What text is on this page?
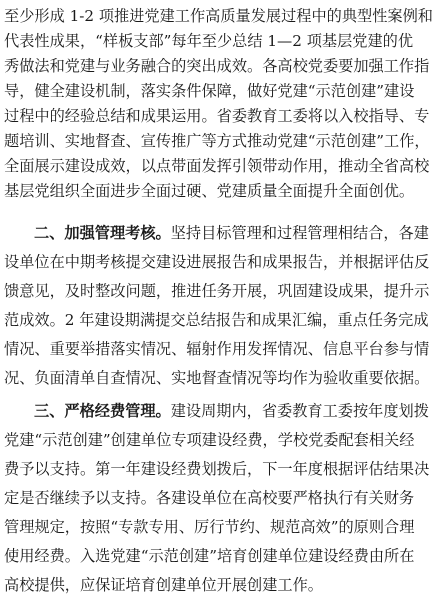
至少形成 1-2 项推进党建工作高质量发展过程中的典型性案例和
代表性成果，“样板支部”每年至少总结 1—2 项基层党建的优
秀做法和党建与业务融合的突出成效。各高校党委要加强工作指
导，健全建设机制，落实条件保障，做好党建“示范创建”建设
过程中的经验总结和成果运用。省委教育工委将以入校指导、专
题培训、实地督查、宣传推广等方式推动党建“示范创建”工作，
全面展示建设成效，以点带面发挥引领带动作用，推动全省高校
基层党组织全面进步全面过硬、党建质量全面提升全面创优。
二、加强管理考核。坚持目标管理和过程管理相结合，各建
设单位在中期考核提交建设进展报告和成果报告，并根据评估反
馈意见，及时整改问题，推进任务开展，巩固建设成果，提升示
范成效。2 年建设期满提交总结报告和成果汇编，重点任务完成
情况、重要举措落实情况、辐射作用发挥情况、信息平台参与情
况、负面清单自查情况、实地督查情况等均作为验收重要依据。
三、严格经费管理。建设周期内，省委教育工委按年度划拨
党建“示范创建”创建单位专项建设经费，学校党委配套相关经
费予以支持。第一年建设经费划拨后，下一年度根据评估结果决
定是否继续予以支持。各建设单位在高校要严格执行有关财务
管理规定，按照“专款专用、厉行节约、规范高效”的原则合理
使用经费。入选党建“示范创建”培育创建单位建设经费由所在
高校提供，应保证培育创建单位开展创建工作。
